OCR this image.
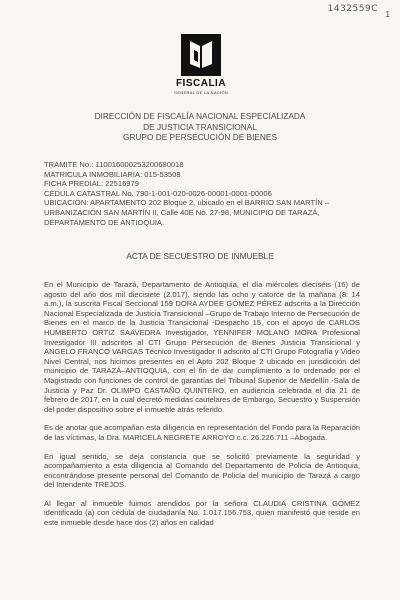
1432559C
1
FISCALIA
GENERAL DE LA NACIÓN
DIRECCIÓN DE FISCALÍA NACIONAL ESPECIALIZADA
DE JUSTICIA TRANSICIONAL
GRUPO DE PERSECUCIÓN DE BIENES
TRAMITE No.: 110016000253200680018
MATRICULA INMOBILIARIA: 015-53508
FICHA PREDIAL: 22516979
CÉDULA CATASTRAL No. 790-1-001-020-0026-00001-0001-00006
UBICACIÓN: APARTAMENTO 202 Bloque 2, ubicado en el BARRIO SAN MARTÍN –URBANIZACIÓN SAN MARTÍN II, Calle 40E No. 27-98, MUNICIPIO DE TARAZÁ, DEPARTAMENTO DE ANTIOQUIA.
ACTA DE SECUESTRO DE INMUEBLE

En el Municipio de Tarazá, Departamento de Antioquia, el día miércoles dieciséis (16) de agosto del año dos mil diecisiete (2.017), siendo las ocho y catorce de la mañana (8: 14 a.m.), la suscrita Fiscal Seccional 159 DORA AYDEE GÓMEZ PÉREZ adscrita a la Dirección Nacional Especializada de Justicia Transicional –Grupo de Trabajo Interno de Persecución de Bienes en el marco de la Justicia Transicional -Despacho 15, con el apoyo de CARLOS HUMBERTO ORTIZ SAAVEDRA Investigador, YENNIFER MOLANO MORA Profesional Investigador III adscritos al CTI Grupo Persecución de Bienes Justicia Transicional y ANGELO FRANCO VARGAS Técnico Investigador II adscrito al CTI Grupo Fotografía y Video Nivel Central, nos hicimos presentes en el Apto 202 Bloque 2 ubicado en jurisdicción del municipio de TARAZÁ–ANTIOQUIA, con el fin de dar cumplimiento a lo ordenado por el Magistrado con funciones de control de garantías del Tribunal Superior de Medellín -Sala de Justicia y Paz Dr. OLIMPO CASTAÑO QUINTERO, en audiencia celebrada el día 21 de febrero de 2017, en la cual decretó medidas cautelares de Embargo, Secuestro y Suspensión del poder dispositivo sobre el inmueble atrás referido.

Es de anotar que acompañan esta diligencia en representación del Fondo para la Reparación de las víctimas, la Dra. MARICELA NEGRETE ARROYO c.c. 26.226.711 –Abogada.

En igual sentido, se deja constancia que se solicitó previamente la seguridad y acompañamiento a esta diligencia al Comando del Departamento de Policía de Antioquia, encontrándose presente personal del Comando de Policía del municipio de Tarazá a cargo del Intendente TREJOS.

Al llegar al inmueble fuimos atendidos por la señora CLAUDIA CRISTINA GÓMEZ identificado (a) con cédula de ciudadanía No. 1.017.156.753, quien manifestó que reside en este inmueble desde hace dos (2) años en calidad
